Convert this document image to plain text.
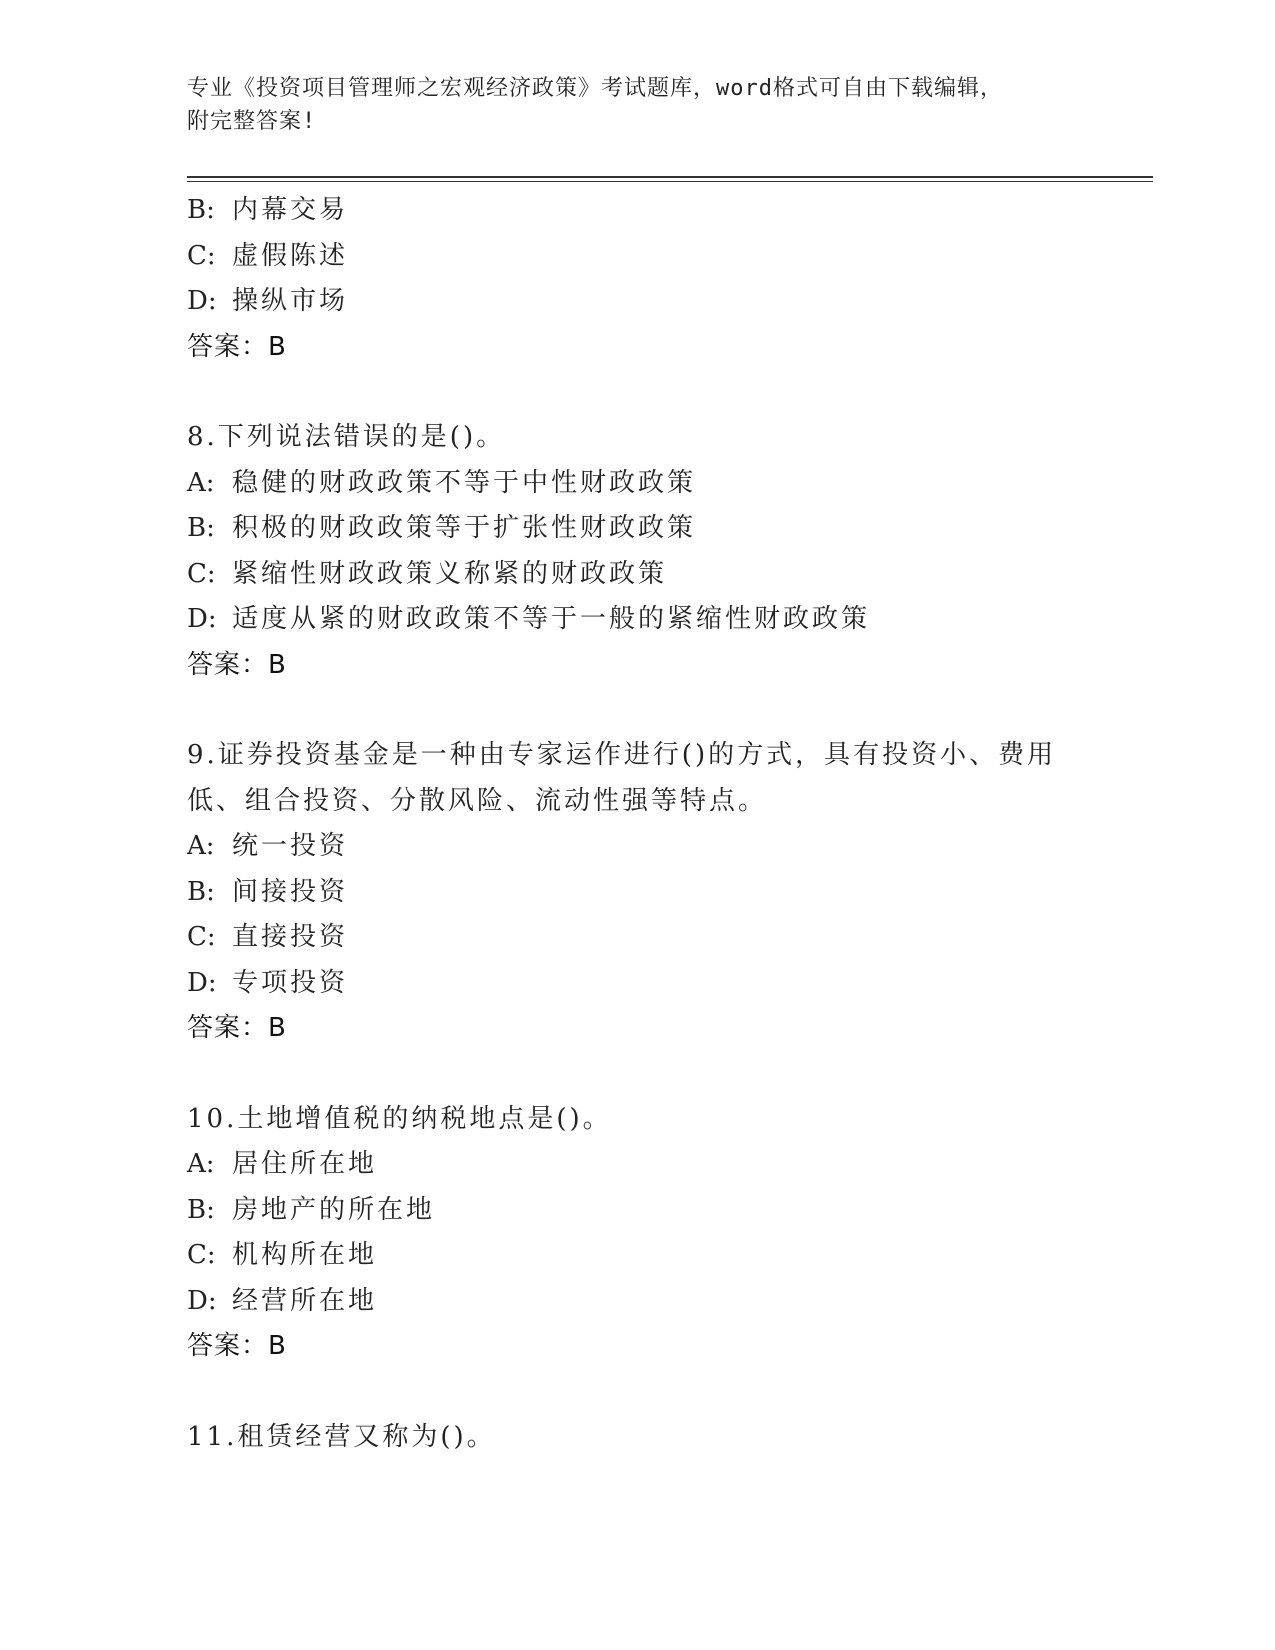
专业《投资项目管理师之宏观经济政策》考试题库，word格式可自由下载编辑，
附完整答案!
B: 内幕交易
C: 虚假陈述
D: 操纵市场
答案：B
8.下列说法错误的是()。
A: 稳健的财政政策不等于中性财政政策
B: 积极的财政政策等于扩张性财政政策
C: 紧缩性财政政策义称紧的财政政策
D: 适度从紧的财政政策不等于一般的紧缩性财政政策
答案：B
9.证券投资基金是一种由专家运作进行()的方式，具有投资小、费用
低、组合投资、分散风险、流动性强等特点。
A: 统一投资
B: 间接投资
C: 直接投资
D: 专项投资
答案：B
10.土地增值税的纳税地点是()。
A: 居住所在地
B: 房地产的所在地
C: 机构所在地
D: 经营所在地
答案：B
11.租赁经营又称为()。
